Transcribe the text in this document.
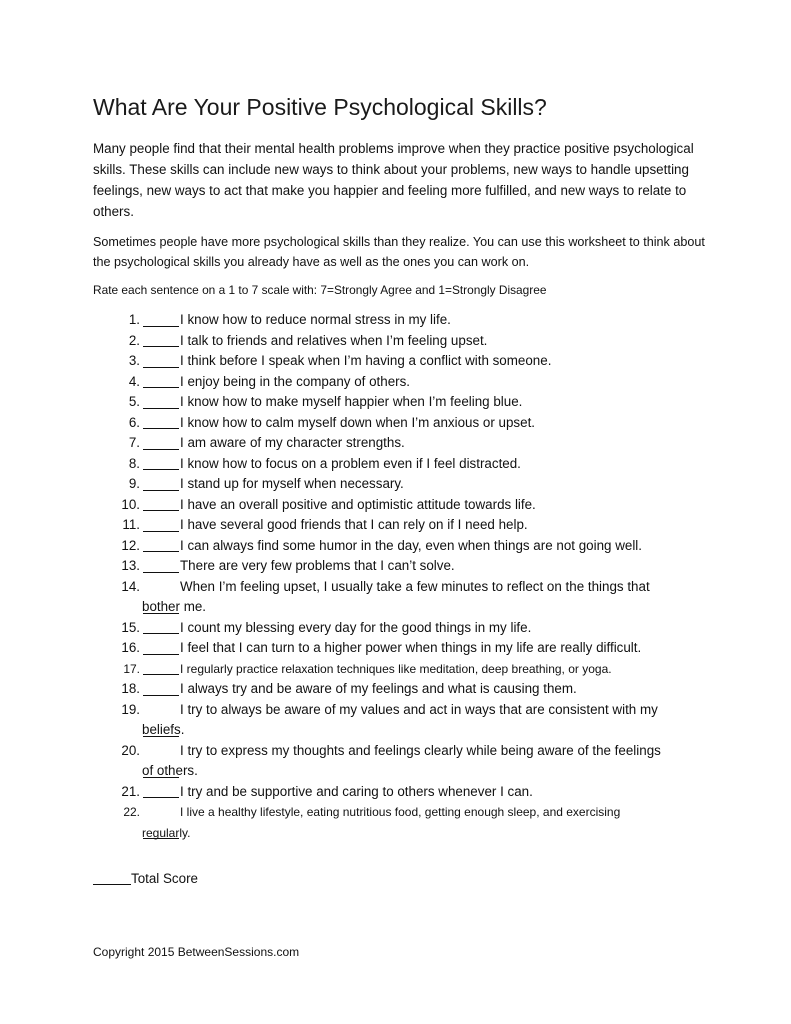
What Are Your Positive Psychological Skills?

Many people find that their mental health problems improve when they practice positive psychological skills. These skills can include new ways to think about your problems, new ways to handle upsetting feelings, new ways to act that make you happier and feeling more fulfilled, and new ways to relate to others.

Sometimes people have more psychological skills than they realize. You can use this worksheet to think about the psychological skills you already have as well as the ones you can work on.

Rate each sentence on a 1 to 7 scale with: 7=Strongly Agree and 1=Strongly Disagree

1.	I know how to reduce normal stress in my life.
2.	I talk to friends and relatives when I’m feeling upset.
3.	I think before I speak when I’m having a conflict with someone.
4.	I enjoy being in the company of others.
5.	I know how to make myself happier when I’m feeling blue.
6.	I know how to calm myself down when I’m anxious or upset.
7.	I am aware of my character strengths.
8.	I know how to focus on a problem even if I feel distracted.
9.	I stand up for myself when necessary.
10.	I have an overall positive and optimistic attitude towards life.
11.	I have several good friends that I can rely on if I need help.
12.	I can always find some humor in the day, even when things are not going well.
13.	There are very few problems that I can’t solve.
14.	When I’m feeling upset, I usually take a few minutes to reflect on the things that
bother me.
15.	I count my blessing every day for the good things in my life.
16.	I feel that I can turn to a higher power when things in my life are really difficult.
17.	I regularly practice relaxation techniques like meditation, deep breathing, or yoga.
18.	I always try and be aware of my feelings and what is causing them.
19.	I try to always be aware of my values and act in ways that are consistent with my
beliefs.
20.	I try to express my thoughts and feelings clearly while being aware of the feelings
of others.
21.	I try and be supportive and caring to others whenever I can.
22.	I live a healthy lifestyle, eating nutritious food, getting enough sleep, and exercising
regularly.
Total Score
Copyright 2015 BetweenSessions.com
